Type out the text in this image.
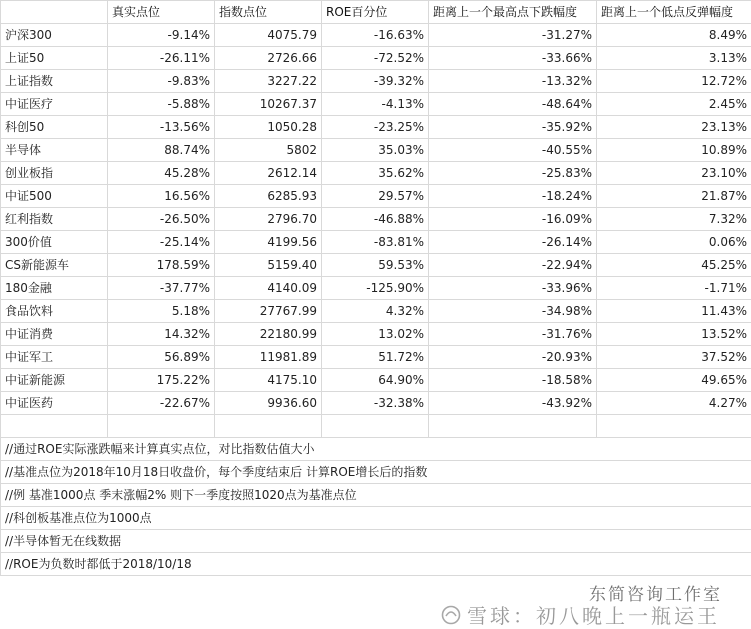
	真实点位	指数点位	ROE百分位	距离上一个最高点下跌幅度	距离上一个低点反弹幅度
沪深300	-9.14%	4075.79	-16.63%	-31.27%	8.49%
上证50	-26.11%	2726.66	-72.52%	-33.66%	3.13%
上证指数	-9.83%	3227.22	-39.32%	-13.32%	12.72%
中证医疗	-5.88%	10267.37	-4.13%	-48.64%	2.45%
科创50	-13.56%	1050.28	-23.25%	-35.92%	23.13%
半导体	88.74%	5802	35.03%	-40.55%	10.89%
创业板指	45.28%	2612.14	35.62%	-25.83%	23.10%
中证500	16.56%	6285.93	29.57%	-18.24%	21.87%
红利指数	-26.50%	2796.70	-46.88%	-16.09%	7.32%
300价值	-25.14%	4199.56	-83.81%	-26.14%	0.06%
CS新能源车	178.59%	5159.40	59.53%	-22.94%	45.25%
180金融	-37.77%	4140.09	-125.90%	-33.96%	-1.71%
食品饮料	5.18%	27767.99	4.32%	-34.98%	11.43%
中证消费	14.32%	22180.99	13.02%	-31.76%	13.52%
中证军工	56.89%	11981.89	51.72%	-20.93%	37.52%
中证新能源	175.22%	4175.10	64.90%	-18.58%	49.65%
中证医药	-22.67%	9936.60	-32.38%	-43.92%	4.27%

//通过ROE实际涨跌幅来计算真实点位，对比指数估值大小					
//基准点位为2018年10月18日收盘价，每个季度结束后 计算ROE增长后的指数					
//例 基准1000点 季末涨幅2% 则下一季度按照1020点为基准点位					
//科创板基准点位为1000点					
//半导体暂无在线数据					
//ROE为负数时都低于2018/10/18					
东简咨询工作室
雪球：初八晚上一瓶运王
